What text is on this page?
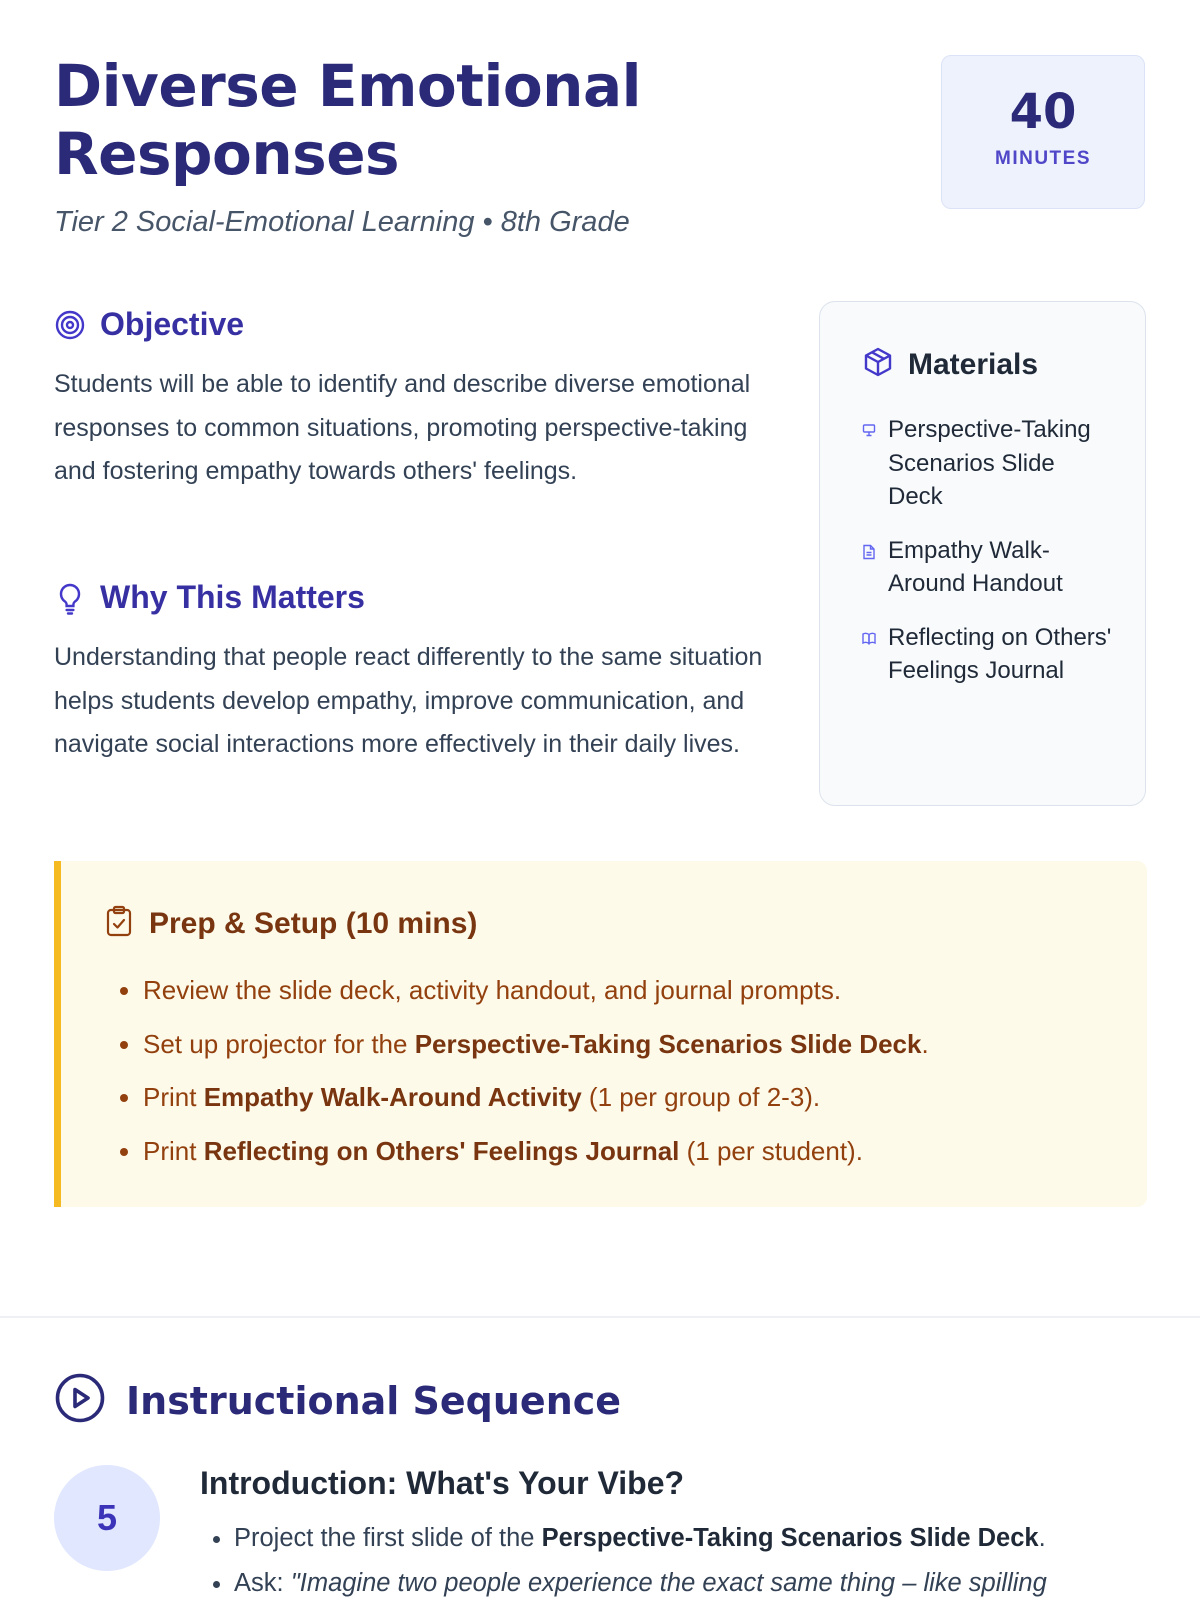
Diverse Emotional Responses
Tier 2 Social-Emotional Learning • 8th Grade
40
MINUTES
Objective
Students will be able to identify and describe diverse emotional responses to common situations, promoting perspective-taking and fostering empathy towards others' feelings.
Why This Matters
Understanding that people react differently to the same situation helps students develop empathy, improve communication, and navigate social interactions more effectively in their daily lives.
Materials
Perspective-Taking Scenarios Slide Deck
Empathy Walk-Around Handout
Reflecting on Others' Feelings Journal
Prep & Setup (10 mins)
• Review the slide deck, activity handout, and journal prompts.
• Set up projector for the Perspective-Taking Scenarios Slide Deck.
• Print Empathy Walk-Around Activity (1 per group of 2-3).
• Print Reflecting on Others' Feelings Journal (1 per student).
Instructional Sequence
5
Introduction: What's Your Vibe?
• Project the first slide of the Perspective-Taking Scenarios Slide Deck.
• Ask: "Imagine two people experience the exact same thing – like spilling
